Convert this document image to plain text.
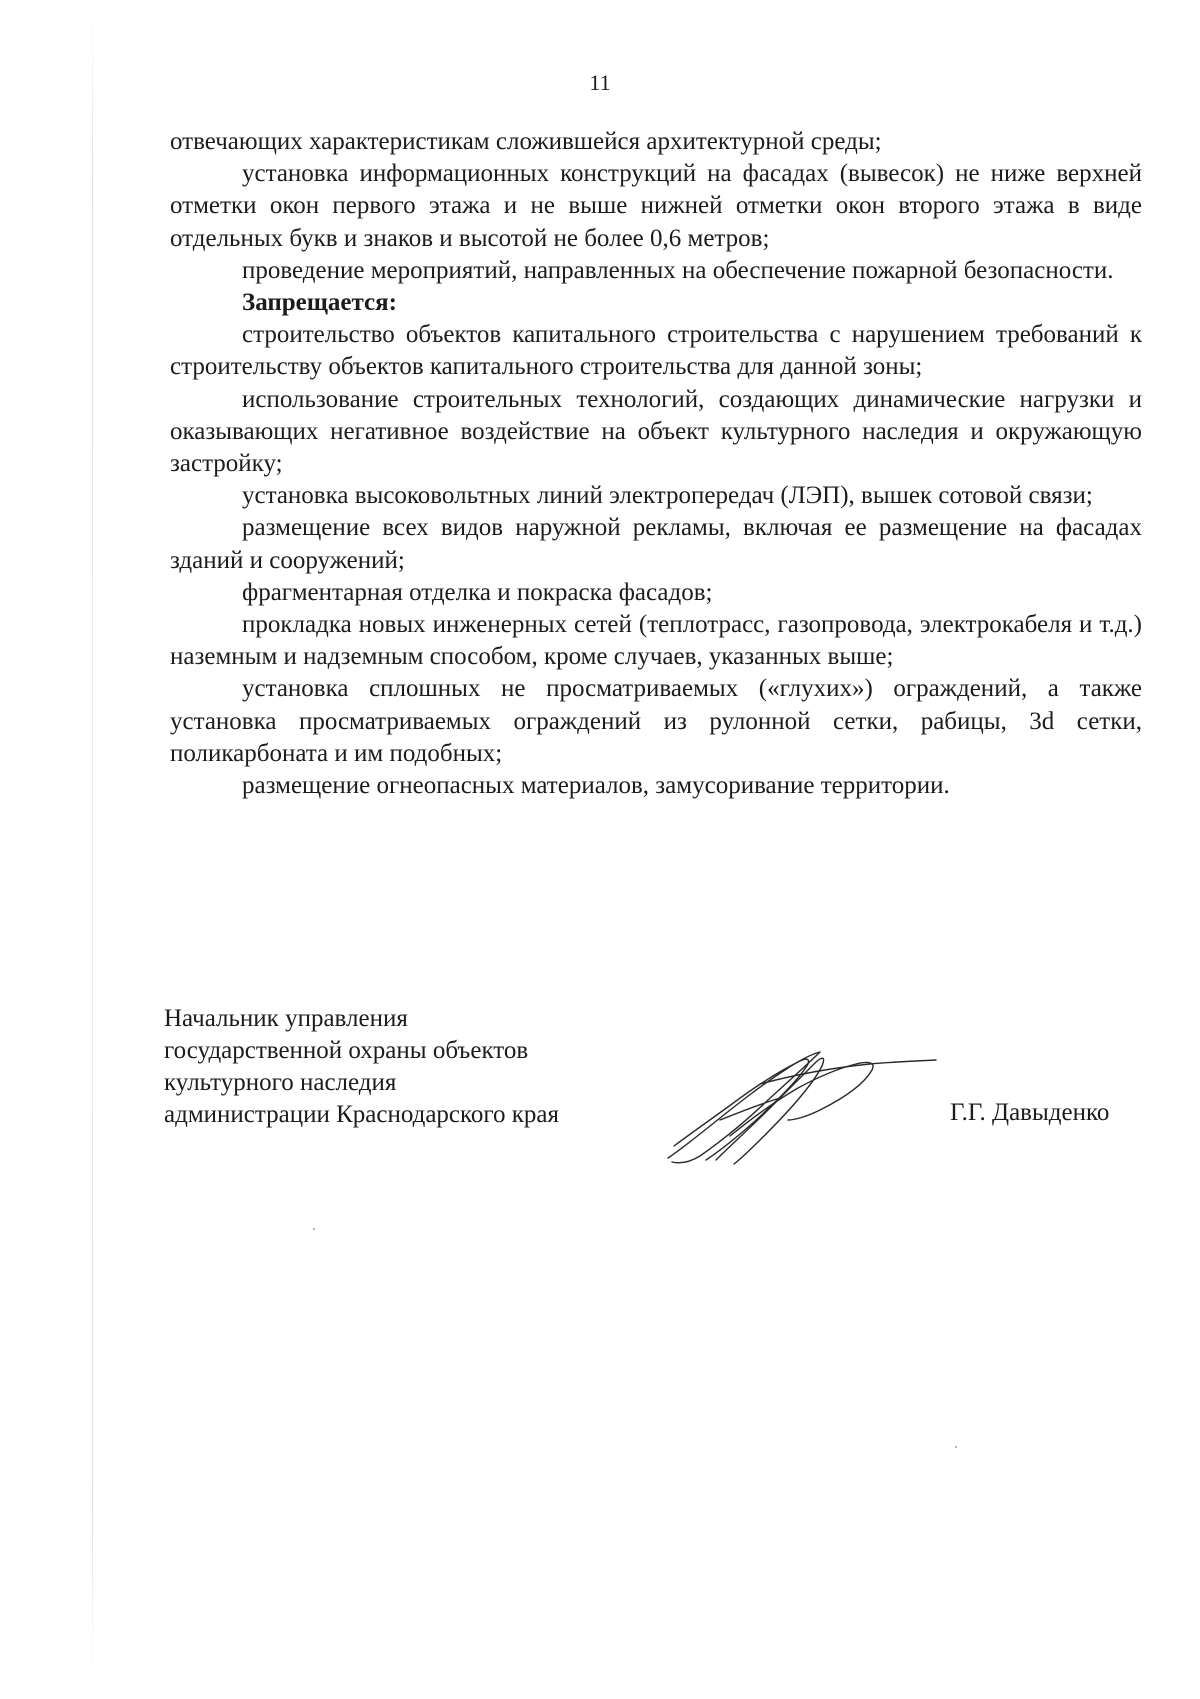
11

отвечающих характеристикам сложившейся архитектурной среды;

установка информационных конструкций на фасадах (вывесок) не ниже верхней отметки окон первого этажа и не выше нижней отметки окон второго этажа в виде отдельных букв и знаков и высотой не более 0,6 метров;

проведение мероприятий, направленных на обеспечение пожарной безопасности.

Запрещается:

строительство объектов капитального строительства с нарушением требований к строительству объектов капитального строительства для данной зоны;

использование строительных технологий, создающих динамические нагрузки и оказывающих негативное воздействие на объект культурного наследия и окружающую застройку;

установка высоковольтных линий электропередач (ЛЭП), вышек сотовой связи;

размещение всех видов наружной рекламы, включая ее размещение на фасадах зданий и сооружений;

фрагментарная отделка и покраска фасадов;

прокладка новых инженерных сетей (теплотрасс, газопровода, электрокабеля и т.д.) наземным и надземным способом, кроме случаев, указанных выше;

установка сплошных не просматриваемых («глухих») ограждений, а также установка просматриваемых ограждений из рулонной сетки, рабицы, 3d сетки, поликарбоната и им подобных;

размещение огнеопасных материалов, замусоривание территории.

Начальник управления
государственной охраны объектов
культурного наследия
администрации Краснодарского края	Г.Г. Давыденко
